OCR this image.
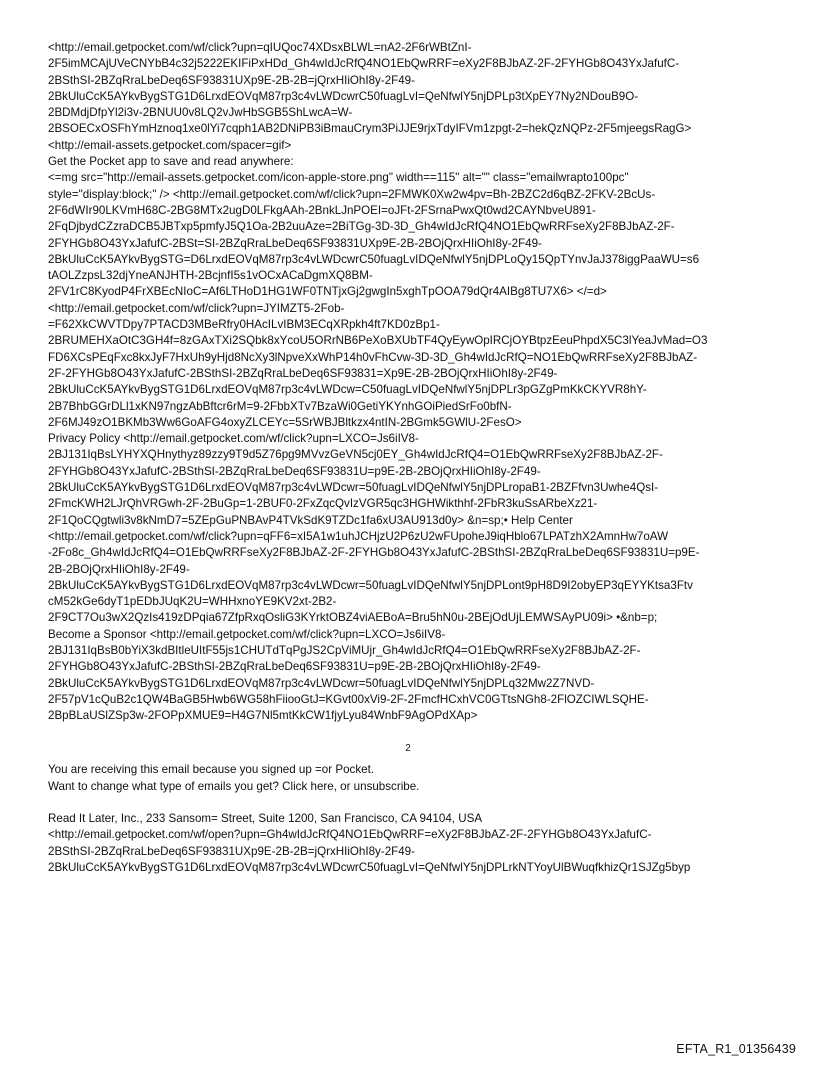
<http://email.getpocket.com/wf/click?upn=qIUQoc74XDsxBLWL=nA2-2F6rWBtZnI-
2F5imMCAjUVeCNYbB4c32j5222EKIFiPxHDd_Gh4wIdJcRfQ4NO1EbQwRRF=eXy2F8BJbAZ-2F-2FYHGb8O43YxJafufC-
2BSthSI-2BZqRraLbeDeq6SF93831UXp9E-2B-2B=jQrxHIiOhI8y-2F49-
2BkUluCcK5AYkvBygSTG1D6LrxdEOVqM87rp3c4vLWDcwrC50fuagLvI=QeNfwlY5njDPLp3tXpEY7Ny2NDouB9O-
2BDMdjDfpYl2i3v-2BNUU0v8LQ2vJwHbSGB5ShLwcA=W-
2BSOECxOSFhYmHznoq1xe0lYi7cqph1AB2DNiPB3iBmauCrym3PiJJE9rjxTdyIFVm1zpgt-2=hekQzNQPz-2F5mjeegsRagG>
<http://email-assets.getpocket.com/spacer=gif>
Get the Pocket app to save and read anywhere:
<=mg src="http://email-assets.getpocket.com/icon-apple-store.png" width==115" alt="" class="emailwrapto100pc"
style="display:block;" /> <http://email.getpocket.com/wf/click?upn=2FMWK0Xw2w4pv=Bh-2BZC2d6qBZ-2FKV-2BcUs-
2F6dWIr90LKVmH68C-2BG8MTx2ugD0LFkgAAh-2BnkLJnPOEI=oJFt-2FSrnaPwxQt0wd2CAYNbveU891-
2FqDjbydCZzraDCB5JBTxp5pmfyJ5Q1Oa-2B2uuAze=2BiTGg-3D-3D_Gh4wIdJcRfQ4NO1EbQwRRFseXy2F8BJbAZ-2F-
2FYHGb8O43YxJafufC-2BSt=SI-2BZqRraLbeDeq6SF93831UXp9E-2B-2BOjQrxHIiOhI8y-2F49-
2BkUluCcK5AYkvBygSTG=D6LrxdEOVqM87rp3c4vLWDcwrC50fuagLvIDQeNfwlY5njDPLoQy15QpTYnvJaJ378iggPaaWU=s6
tAOLZzpsL32djYneANJHTH-2BcjnfI5s1vOCxACaDgmXQ8BM-
2FV1rC8KyodP4FrXBEcNIoC=Af6LTHoD1HG1WF0TNTjxGj2gwgIn5xghTpOOA79dQr4AIBg8TU7X6> </=d>
<http://email.getpocket.com/wf/click?upn=JYIMZT5-2Fob-
=F62XkCWVTDpy7PTACD3MBeRfry0HAcILvIBM3ECqXRpkh4ft7KD0zBp1-
2BRUMEHXaOtC3GH4f=8zGAxTXi2SQbk8xYcoU5ORrNB6PeXoBXUbTF4QyEywOpIRCjOYBtpzEeuPhpdX5C3lYeaJvMad=O3
FD6XCsPEqFxc8kxJyF7HxUh9yHjd8NcXy3lNpveXxWhP14h0vFhCvw-3D-3D_Gh4wIdJcRfQ=NO1EbQwRRFseXy2F8BJbAZ-
2F-2FYHGb8O43YxJafufC-2BSthSI-2BZqRraLbeDeq6SF93831=Xp9E-2B-2BOjQrxHIiOhI8y-2F49-
2BkUluCcK5AYkvBygSTG1D6LrxdEOVqM87rp3c4vLWDcw=C50fuagLvIDQeNfwlY5njDPLr3pGZgPmKkCKYVR8hY-
2B7BhbGGrDLl1xKN97ngzAbBftcr6rM=9-2FbbXTv7BzaWi0GetiYKYnhGOiPiedSrFo0bfN-
2F6MJ49zO1BKMb3Ww6GoAFG4oxyZLCEYc=5SrWBJBltkzx4ntIN-2BGmk5GWlU-2FesO>
Privacy Policy <http://email.getpocket.com/wf/click?upn=LXCO=Js6iIV8-
2BJ131IqBsLYHYXQHnythyz89zzy9T9d5Z76pg9MVvzGeVN5cj0EY_Gh4wIdJcRfQ4=O1EbQwRRFseXy2F8BJbAZ-2F-
2FYHGb8O43YxJafufC-2BSthSI-2BZqRraLbeDeq6SF93831U=p9E-2B-2BOjQrxHIiOhI8y-2F49-
2BkUluCcK5AYkvBygSTG1D6LrxdEOVqM87rp3c4vLWDcwr=50fuagLvIDQeNfwlY5njDPLropaB1-2BZFfvn3Uwhe4QsI-
2FmcKWH2LJrQhVRGwh-2F-2BuGp=1-2BUF0-2FxZqcQvIzVGR5qc3HGHWikthhf-2FbR3kuSsARbeXz21-
2F1QoCQgtwli3v8kNmD7=5ZEpGuPNBAvP4TVkSdK9TZDc1fa6xU3AU913d0y> &n=sp;• Help Center
<http://email.getpocket.com/wf/click?upn=qFF6=xI5A1w1uhJCHjzU2P6zU2wFUpoheJ9iqHblo67LPATzhX2AmnHw7oAW
-2Fo8c_Gh4wIdJcRfQ4=O1EbQwRRFseXy2F8BJbAZ-2F-2FYHGb8O43YxJafufC-2BSthSI-2BZqRraLbeDeq6SF93831U=p9E-
2B-2BOjQrxHIiOhI8y-2F49-
2BkUluCcK5AYkvBygSTG1D6LrxdEOVqM87rp3c4vLWDcwr=50fuagLvIDQeNfwlY5njDPLont9pH8D9I2obyEP3qEYYKtsa3Ftv
cM52kGe6dyT1pEDbJUqK2U=WHHxnoYE9KV2xt-2B2-
2F9CT7Ou3wX2QzIs419zDPqia67ZfpRxqOsliG3KYrktOBZ4viAEBoA=Bru5hN0u-2BEjOdUjLEMWSAyPU09i> •&nb=p;
Become a Sponsor <http://email.getpocket.com/wf/click?upn=LXCO=Js6iIV8-
2BJ131IqBsB0bYiX3kdBItleUItF55js1CHUTdTqPgJS2CpViMUjr_Gh4wIdJcRfQ4=O1EbQwRRFseXy2F8BJbAZ-2F-
2FYHGb8O43YxJafufC-2BSthSI-2BZqRraLbeDeq6SF93831U=p9E-2B-2BOjQrxHIiOhI8y-2F49-
2BkUluCcK5AYkvBygSTG1D6LrxdEOVqM87rp3c4vLWDcwr=50fuagLvIDQeNfwlY5njDPLq32Mw2Z7NVD-
2F57pV1cQuB2c1QW4BaGB5Hwb6WG58hFiiooGtJ=KGvt00xVi9-2F-2FmcfHCxhVC0GTtsNGh8-2FlOZCIWLSQHE-
2BpBLaUSlZSp3w-2FOPpXMUE9=H4G7Nl5mtKkCW1fjyLyu84WnbF9AgOPdXAp>
You are receiving this email because you signed up =or Pocket.
Want to change what type of emails you get? Click here, or unsubscribe.
Read It Later, Inc., 233 Sansom= Street, Suite 1200, San Francisco, CA 94104, USA
<http://email.getpocket.com/wf/open?upn=Gh4wIdJcRfQ4NO1EbQwRRF=eXy2F8BJbAZ-2F-2FYHGb8O43YxJafufC-
2BSthSI-2BZqRraLbeDeq6SF93831UXp9E-2B-2B=jQrxHIiOhI8y-2F49-
2BkUluCcK5AYkvBygSTG1D6LrxdEOVqM87rp3c4vLWDcwrC50fuagLvI=QeNfwlY5njDPLrkNTYoyUlBWuqfkhizQr1SJZg5byp
2
EFTA_R1_01356439
